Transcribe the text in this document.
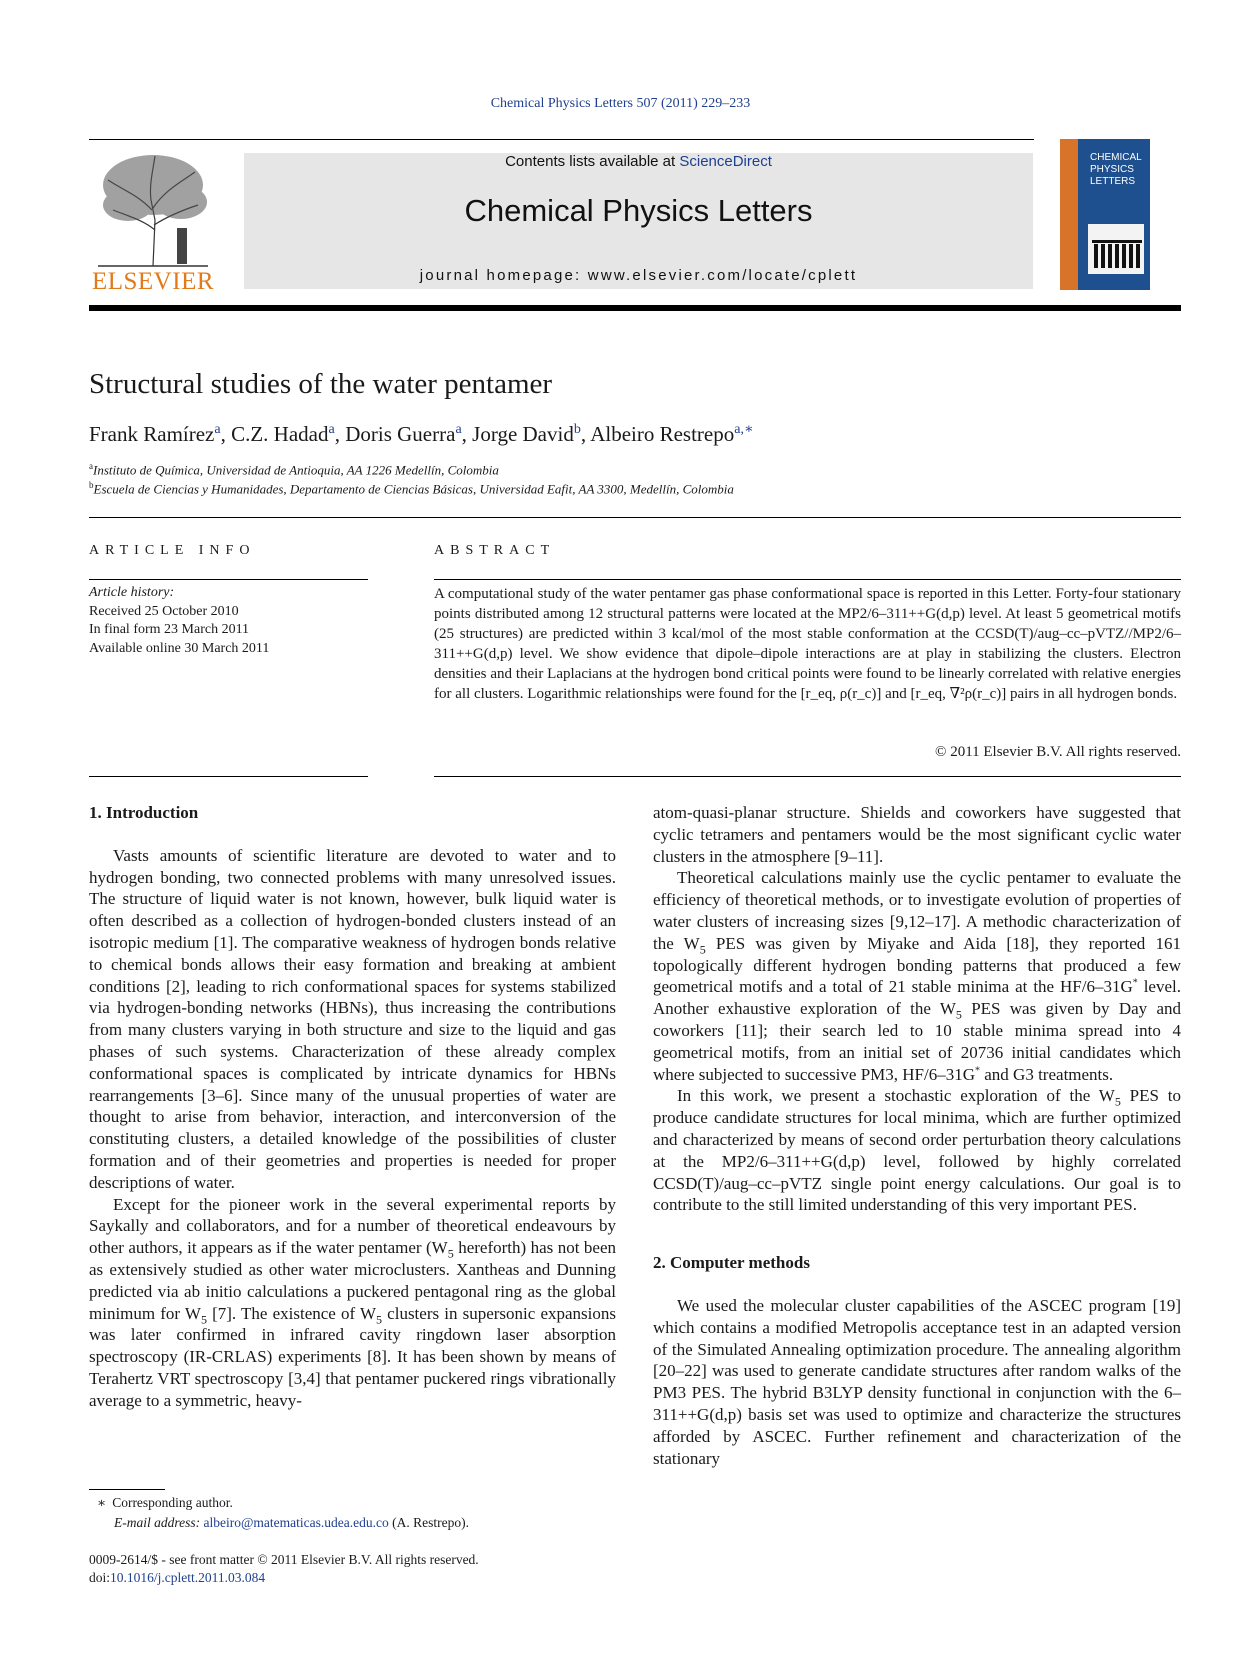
Chemical Physics Letters 507 (2011) 229–233
ELSEVIER
Contents lists available at ScienceDirect
Chemical Physics Letters
journal homepage: www.elsevier.com/locate/cplett
CHEMICAL
PHYSICS
LETTERS
Structural studies of the water pentamer
Frank Ramírez$^a$, C.Z. Hadad$^a$, Doris Guerra$^a$, Jorge David$^b$, Albeiro Restrepo$^{a,∗}$
$^a$Instituto de Química, Universidad de Antioquia, AA 1226 Medellín, Colombia
$^b$Escuela de Ciencias y Humanidades, Departamento de Ciencias Básicas, Universidad Eafit, AA 3300, Medellín, Colombia
ARTICLE INFO	ABSTRACT
Article history:
Received 25 October 2010
In final form 23 March 2011
Available online 30 March 2011
A computational study of the water pentamer gas phase conformational space is reported in this Letter. Forty-four stationary points distributed among 12 structural patterns were located at the MP2/6–311++G(d,p) level. At least 5 geometrical motifs (25 structures) are predicted within 3 kcal/mol of the most stable conformation at the CCSD(T)/aug–cc–pVTZ//MP2/6–311++G(d,p) level. We show evidence that dipole–dipole interactions are at play in stabilizing the clusters. Electron densities and their Laplacians at the hydrogen bond critical points were found to be linearly correlated with relative energies for all clusters. Logarithmic relationships were found for the [r_eq, ρ(r_c)] and [r_eq, ∇²ρ(r_c)] pairs in all hydrogen bonds.
© 2011 Elsevier B.V. All rights reserved.
1. Introduction

Vasts amounts of scientific literature are devoted to water and to hydrogen bonding, two connected problems with many unresolved issues. The structure of liquid water is not known, however, bulk liquid water is often described as a collection of hydrogen-bonded clusters instead of an isotropic medium [1]. The comparative weakness of hydrogen bonds relative to chemical bonds allows their easy formation and breaking at ambient conditions [2], leading to rich conformational spaces for systems stabilized via hydrogen-bonding networks (HBNs), thus increasing the contributions from many clusters varying in both structure and size to the liquid and gas phases of such systems. Characterization of these already complex conformational spaces is complicated by intricate dynamics for HBNs rearrangements [3–6]. Since many of the unusual properties of water are thought to arise from behavior, interaction, and interconversion of the constituting clusters, a detailed knowledge of the possibilities of cluster formation and of their geometries and properties is needed for proper descriptions of water.

Except for the pioneer work in the several experimental reports by Saykally and collaborators, and for a number of theoretical endeavours by other authors, it appears as if the water pentamer ($W_5$ hereforth) has not been as extensively studied as other water microclusters. Xantheas and Dunning predicted via ab initio calculations a puckered pentagonal ring as the global minimum for $W_5$ [7]. The existence of $W_5$ clusters in supersonic expansions was later confirmed in infrared cavity ringdown laser absorption spectroscopy (IR-CRLAS) experiments [8]. It has been shown by means of Terahertz VRT spectroscopy [3,4] that pentamer puckered rings vibrationally average to a symmetric, heavy-

atom-quasi-planar structure. Shields and coworkers have suggested that cyclic tetramers and pentamers would be the most significant cyclic water clusters in the atmosphere [9–11].

Theoretical calculations mainly use the cyclic pentamer to evaluate the efficiency of theoretical methods, or to investigate evolution of properties of water clusters of increasing sizes [9,12–17]. A methodic characterization of the $W_5$ PES was given by Miyake and Aida [18], they reported 161 topologically different hydrogen bonding patterns that produced a few geometrical motifs and a total of 21 stable minima at the HF/6–31G* level. Another exhaustive exploration of the $W_5$ PES was given by Day and coworkers [11]; their search led to 10 stable minima spread into 4 geometrical motifs, from an initial set of 20736 initial candidates which where subjected to successive PM3, HF/6–31G* and G3 treatments.

In this work, we present a stochastic exploration of the $W_5$ PES to produce candidate structures for local minima, which are further optimized and characterized by means of second order perturbation theory calculations at the MP2/6–311++G(d,p) level, followed by highly correlated CCSD(T)/aug–cc–pVTZ single point energy calculations. Our goal is to contribute to the still limited understanding of this very important PES.

2. Computer methods

We used the molecular cluster capabilities of the ASCEC program [19] which contains a modified Metropolis acceptance test in an adapted version of the Simulated Annealing optimization procedure. The annealing algorithm [20–22] was used to generate candidate structures after random walks of the PM3 PES. The hybrid B3LYP density functional in conjunction with the 6–311++G(d,p) basis set was used to optimize and characterize the structures afforded by ASCEC. Further refinement and characterization of the stationary

∗ Corresponding author.
E-mail address: albeiro@matematicas.udea.edu.co (A. Restrepo).
0009-2614/$ - see front matter © 2011 Elsevier B.V. All rights reserved.
doi:10.1016/j.cplett.2011.03.084
